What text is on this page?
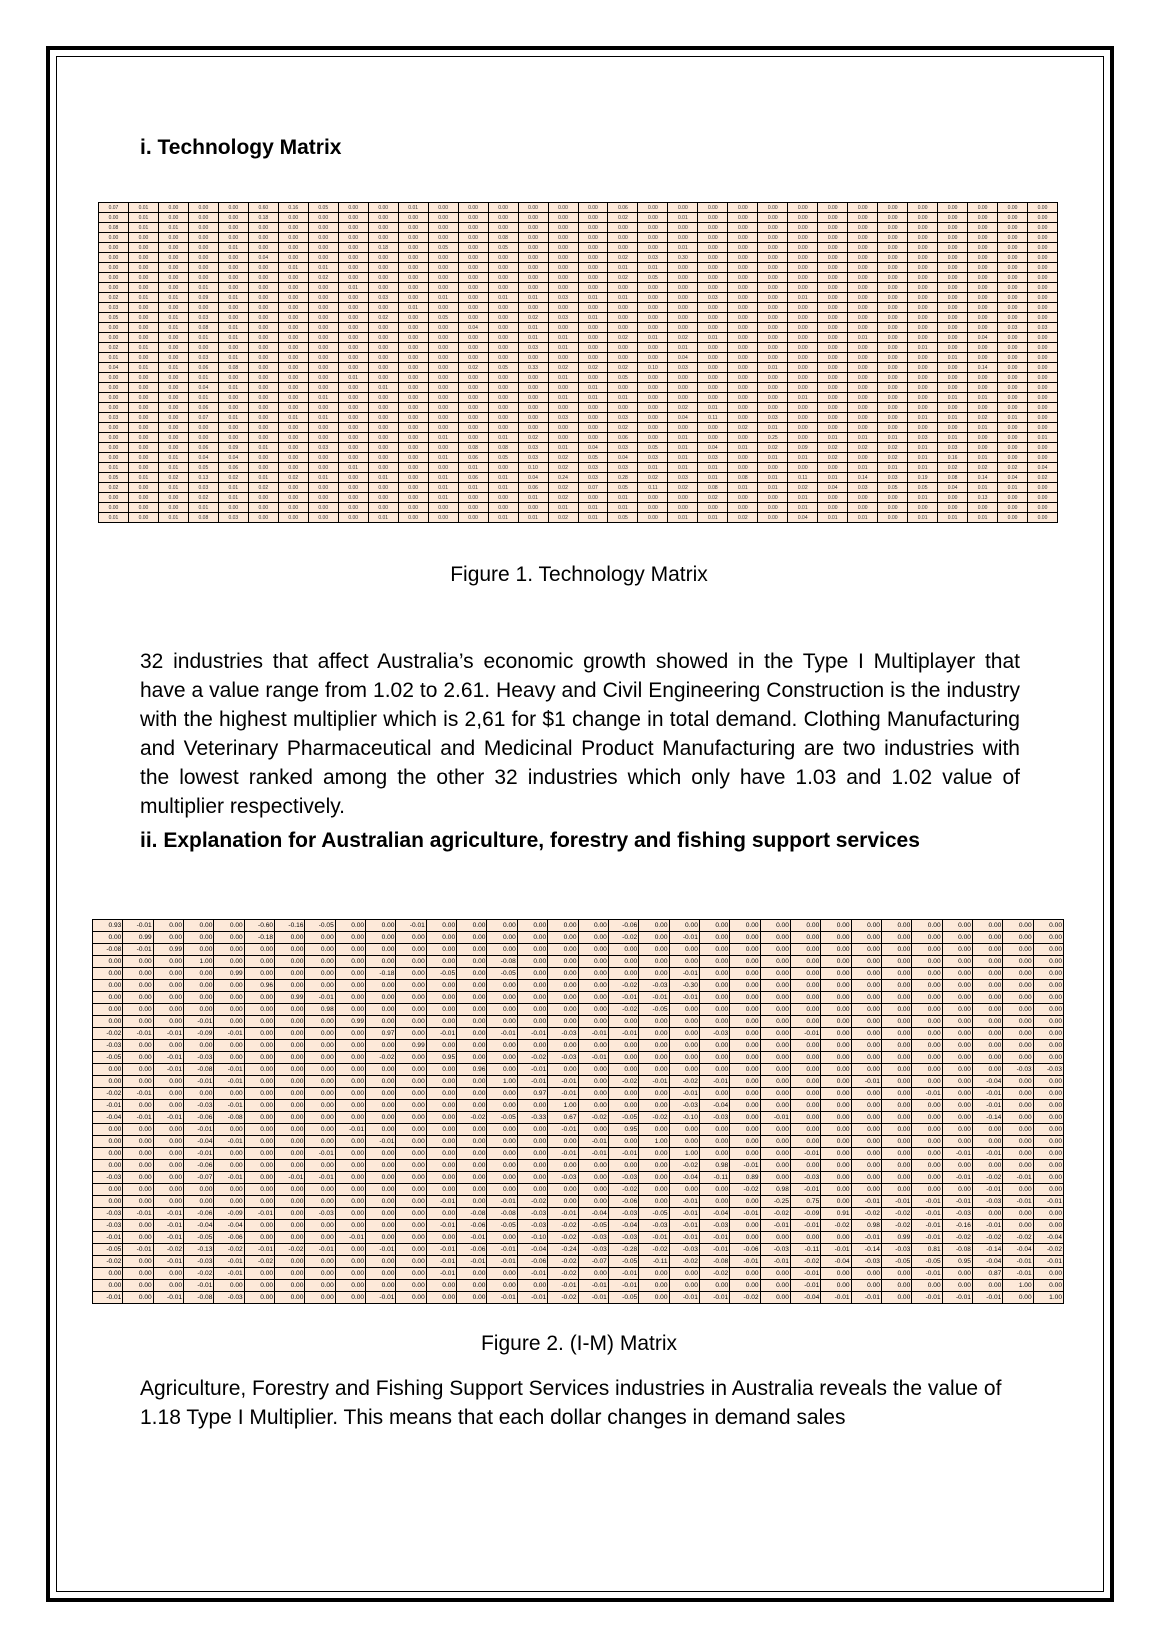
i. Technology Matrix
0.07	0.01	0.00	0.00	0.00	0.60	0.16	0.05	0.00	0.00	0.01	0.00	0.00	0.00	0.00	0.00	0.00	0.06	0.00	0.00	0.00	0.00	0.00	0.00	0.00	0.00	0.00	0.00	0.00	0.00	0.00	0.00
0.00	0.01	0.00	0.00	0.00	0.18	0.00	0.00	0.00	0.00	0.00	0.00	0.00	0.00	0.00	0.00	0.00	0.02	0.00	0.01	0.00	0.00	0.00	0.00	0.00	0.00	0.00	0.00	0.00	0.00	0.00	0.00
0.08	0.01	0.01	0.00	0.00	0.00	0.00	0.00	0.00	0.00	0.00	0.00	0.00	0.00	0.00	0.00	0.00	0.00	0.00	0.00	0.00	0.00	0.00	0.00	0.00	0.00	0.00	0.00	0.00	0.00	0.00	0.00
0.00	0.00	0.00	0.00	0.00	0.00	0.00	0.00	0.00	0.00	0.00	0.00	0.00	0.08	0.00	0.00	0.00	0.00	0.00	0.00	0.00	0.00	0.00	0.00	0.00	0.00	0.00	0.00	0.00	0.00	0.00	0.00
0.00	0.00	0.00	0.00	0.01	0.00	0.00	0.00	0.00	0.18	0.00	0.05	0.00	0.05	0.00	0.00	0.00	0.00	0.00	0.01	0.00	0.00	0.00	0.00	0.00	0.00	0.00	0.00	0.00	0.00	0.00	0.00
0.00	0.00	0.00	0.00	0.00	0.04	0.00	0.00	0.00	0.00	0.00	0.00	0.00	0.00	0.00	0.00	0.00	0.02	0.03	0.30	0.00	0.00	0.00	0.00	0.00	0.00	0.00	0.00	0.00	0.00	0.00	0.00
0.00	0.00	0.00	0.00	0.00	0.00	0.01	0.01	0.00	0.00	0.00	0.00	0.00	0.00	0.00	0.00	0.00	0.01	0.01	0.00	0.00	0.00	0.00	0.00	0.00	0.00	0.00	0.00	0.00	0.00	0.00	0.00
0.00	0.00	0.00	0.00	0.00	0.00	0.00	0.02	0.00	0.00	0.00	0.00	0.00	0.00	0.00	0.00	0.00	0.02	0.05	0.00	0.00	0.00	0.00	0.00	0.00	0.00	0.00	0.00	0.00	0.00	0.00	0.00
0.00	0.00	0.00	0.01	0.00	0.00	0.00	0.00	0.01	0.00	0.00	0.00	0.00	0.00	0.00	0.00	0.00	0.00	0.00	0.00	0.00	0.00	0.00	0.00	0.00	0.00	0.00	0.00	0.00	0.00	0.00	0.00
0.02	0.01	0.01	0.09	0.01	0.00	0.00	0.00	0.00	0.03	0.00	0.01	0.00	0.01	0.01	0.03	0.01	0.01	0.00	0.00	0.03	0.00	0.00	0.01	0.00	0.00	0.00	0.00	0.00	0.00	0.00	0.00
0.03	0.00	0.00	0.00	0.00	0.00	0.00	0.00	0.00	0.00	0.01	0.00	0.00	0.00	0.00	0.00	0.00	0.00	0.00	0.00	0.00	0.00	0.00	0.00	0.00	0.00	0.00	0.00	0.00	0.00	0.00	0.00
0.05	0.00	0.01	0.03	0.00	0.00	0.00	0.00	0.00	0.02	0.00	0.05	0.00	0.00	0.02	0.03	0.01	0.00	0.00	0.00	0.00	0.00	0.00	0.00	0.00	0.00	0.00	0.00	0.00	0.00	0.00	0.00
0.00	0.00	0.01	0.08	0.01	0.00	0.00	0.00	0.00	0.00	0.00	0.00	0.04	0.00	0.01	0.00	0.00	0.00	0.00	0.00	0.00	0.00	0.00	0.00	0.00	0.00	0.00	0.00	0.00	0.00	0.03	0.03
0.00	0.00	0.00	0.01	0.01	0.00	0.00	0.00	0.00	0.00	0.00	0.00	0.00	0.00	0.01	0.01	0.00	0.02	0.01	0.02	0.01	0.00	0.00	0.00	0.00	0.01	0.00	0.00	0.00	0.04	0.00	0.00
0.02	0.01	0.00	0.00	0.00	0.00	0.00	0.00	0.00	0.00	0.00	0.00	0.00	0.00	0.03	0.01	0.00	0.00	0.00	0.01	0.00	0.00	0.00	0.00	0.00	0.00	0.00	0.01	0.00	0.00	0.00	0.00
0.01	0.00	0.00	0.03	0.01	0.00	0.00	0.00	0.00	0.00	0.00	0.00	0.00	0.00	0.00	0.00	0.00	0.00	0.00	0.04	0.00	0.00	0.00	0.00	0.00	0.00	0.00	0.00	0.01	0.00	0.00	0.00
0.04	0.01	0.01	0.06	0.08	0.00	0.00	0.00	0.00	0.00	0.00	0.00	0.02	0.05	0.33	0.02	0.02	0.02	0.10	0.03	0.00	0.00	0.01	0.00	0.00	0.00	0.00	0.00	0.00	0.14	0.00	0.00
0.00	0.00	0.00	0.01	0.00	0.00	0.00	0.00	0.01	0.00	0.00	0.00	0.00	0.00	0.00	0.01	0.00	0.05	0.00	0.00	0.00	0.00	0.00	0.00	0.00	0.00	0.00	0.00	0.00	0.00	0.00	0.00
0.00	0.00	0.00	0.04	0.01	0.00	0.00	0.00	0.00	0.01	0.00	0.00	0.00	0.00	0.00	0.00	0.01	0.00	0.00	0.00	0.00	0.00	0.00	0.00	0.00	0.00	0.00	0.00	0.00	0.00	0.00	0.00
0.00	0.00	0.00	0.01	0.00	0.00	0.00	0.01	0.00	0.00	0.00	0.00	0.00	0.00	0.00	0.01	0.01	0.01	0.00	0.00	0.00	0.00	0.00	0.01	0.00	0.00	0.00	0.00	0.01	0.01	0.00	0.00
0.00	0.00	0.00	0.06	0.00	0.00	0.00	0.00	0.00	0.00	0.00	0.00	0.00	0.00	0.00	0.00	0.00	0.00	0.00	0.02	0.01	0.00	0.00	0.00	0.00	0.00	0.00	0.00	0.00	0.00	0.00	0.00
0.03	0.00	0.00	0.07	0.01	0.00	0.01	0.01	0.00	0.00	0.00	0.00	0.00	0.00	0.00	0.03	0.00	0.03	0.00	0.04	0.11	0.00	0.03	0.00	0.00	0.00	0.00	0.01	0.01	0.02	0.01	0.00
0.00	0.00	0.00	0.00	0.00	0.00	0.00	0.00	0.00	0.00	0.00	0.00	0.00	0.00	0.00	0.00	0.00	0.02	0.00	0.00	0.00	0.02	0.01	0.00	0.00	0.00	0.00	0.00	0.00	0.01	0.00	0.00
0.00	0.00	0.00	0.00	0.00	0.00	0.00	0.00	0.00	0.00	0.00	0.01	0.00	0.01	0.02	0.00	0.00	0.06	0.00	0.01	0.00	0.00	0.25	0.00	0.01	0.01	0.01	0.03	0.01	0.00	0.00	0.01
0.00	0.00	0.00	0.06	0.09	0.01	0.00	0.03	0.00	0.00	0.00	0.00	0.08	0.08	0.03	0.01	0.04	0.03	0.05	0.01	0.04	0.01	0.02	0.09	0.02	0.02	0.02	0.01	0.03	0.00	0.00	0.00
0.00	0.00	0.01	0.04	0.04	0.00	0.00	0.00	0.00	0.00	0.00	0.01	0.06	0.05	0.03	0.02	0.05	0.04	0.03	0.01	0.03	0.00	0.01	0.01	0.02	0.00	0.02	0.01	0.16	0.01	0.00	0.00
0.01	0.00	0.01	0.05	0.06	0.00	0.00	0.00	0.01	0.00	0.00	0.00	0.01	0.00	0.10	0.02	0.03	0.03	0.01	0.01	0.01	0.00	0.00	0.00	0.00	0.01	0.01	0.01	0.02	0.02	0.02	0.04
0.05	0.01	0.02	0.13	0.02	0.01	0.02	0.01	0.00	0.01	0.00	0.01	0.06	0.01	0.04	0.24	0.03	0.28	0.02	0.03	0.01	0.08	0.01	0.11	0.01	0.14	0.03	0.19	0.08	0.14	0.04	0.02
0.02	0.00	0.01	0.03	0.01	0.02	0.00	0.00	0.00	0.00	0.00	0.01	0.01	0.01	0.06	0.02	0.07	0.05	0.11	0.02	0.08	0.01	0.01	0.02	0.04	0.03	0.05	0.05	0.04	0.01	0.01	0.00
0.00	0.00	0.00	0.02	0.01	0.00	0.00	0.00	0.00	0.00	0.00	0.01	0.00	0.00	0.01	0.02	0.00	0.01	0.00	0.00	0.02	0.00	0.00	0.01	0.00	0.00	0.00	0.01	0.00	0.13	0.00	0.00
0.00	0.00	0.00	0.01	0.00	0.00	0.00	0.00	0.00	0.00	0.00	0.00	0.00	0.00	0.00	0.01	0.01	0.01	0.00	0.00	0.00	0.00	0.00	0.01	0.00	0.00	0.00	0.00	0.00	0.00	0.00	0.00
0.01	0.00	0.01	0.08	0.03	0.00	0.00	0.00	0.00	0.01	0.00	0.00	0.00	0.01	0.01	0.02	0.01	0.05	0.00	0.01	0.01	0.02	0.00	0.04	0.01	0.01	0.00	0.01	0.01	0.01	0.00	0.00
Figure 1. Technology Matrix

32 industries that affect Australia’s economic growth showed in the Type I Multiplayer that have a value range from 1.02 to 2.61. Heavy and Civil Engineering Construction is the industry with the highest multiplier which is 2,61 for $1 change in total demand. Clothing Manufacturing and Veterinary Pharmaceutical and Medicinal Product Manufacturing are two industries with the lowest ranked among the other 32 industries which only have 1.03 and 1.02 value of multiplier respectively.

ii. Explanation for Australian agriculture, forestry and fishing support services
0.93	-0.01	0.00	0.00	0.00	-0.60	-0.16	-0.05	0.00	0.00	-0.01	0.00	0.00	0.00	0.00	0.00	0.00	-0.06	0.00	0.00	0.00	0.00	0.00	0.00	0.00	0.00	0.00	0.00	0.00	0.00	0.00	0.00
0.00	0.99	0.00	0.00	0.00	-0.18	0.00	0.00	0.00	0.00	0.00	0.00	0.00	0.00	0.00	0.00	0.00	-0.02	0.00	-0.01	0.00	0.00	0.00	0.00	0.00	0.00	0.00	0.00	0.00	0.00	0.00	0.00
-0.08	-0.01	0.99	0.00	0.00	0.00	0.00	0.00	0.00	0.00	0.00	0.00	0.00	0.00	0.00	0.00	0.00	0.00	0.00	0.00	0.00	0.00	0.00	0.00	0.00	0.00	0.00	0.00	0.00	0.00	0.00	0.00
0.00	0.00	0.00	1.00	0.00	0.00	0.00	0.00	0.00	0.00	0.00	0.00	0.00	-0.08	0.00	0.00	0.00	0.00	0.00	0.00	0.00	0.00	0.00	0.00	0.00	0.00	0.00	0.00	0.00	0.00	0.00	0.00
0.00	0.00	0.00	0.00	0.99	0.00	0.00	0.00	0.00	-0.18	0.00	-0.05	0.00	-0.05	0.00	0.00	0.00	0.00	0.00	-0.01	0.00	0.00	0.00	0.00	0.00	0.00	0.00	0.00	0.00	0.00	0.00	0.00
0.00	0.00	0.00	0.00	0.00	0.96	0.00	0.00	0.00	0.00	0.00	0.00	0.00	0.00	0.00	0.00	0.00	-0.02	-0.03	-0.30	0.00	0.00	0.00	0.00	0.00	0.00	0.00	0.00	0.00	0.00	0.00	0.00
0.00	0.00	0.00	0.00	0.00	0.00	0.99	-0.01	0.00	0.00	0.00	0.00	0.00	0.00	0.00	0.00	0.00	-0.01	-0.01	-0.01	0.00	0.00	0.00	0.00	0.00	0.00	0.00	0.00	0.00	0.00	0.00	0.00
0.00	0.00	0.00	0.00	0.00	0.00	0.00	0.98	0.00	0.00	0.00	0.00	0.00	0.00	0.00	0.00	0.00	-0.02	-0.05	0.00	0.00	0.00	0.00	0.00	0.00	0.00	0.00	0.00	0.00	0.00	0.00	0.00
0.00	0.00	0.00	-0.01	0.00	0.00	0.00	0.00	0.99	0.00	0.00	0.00	0.00	0.00	0.00	0.00	0.00	0.00	0.00	0.00	0.00	0.00	0.00	0.00	0.00	0.00	0.00	0.00	0.00	0.00	0.00	0.00
-0.02	-0.01	-0.01	-0.09	-0.01	0.00	0.00	0.00	0.00	0.97	0.00	-0.01	0.00	-0.01	-0.01	-0.03	-0.01	-0.01	0.00	0.00	-0.03	0.00	0.00	-0.01	0.00	0.00	0.00	0.00	0.00	0.00	0.00	0.00
-0.03	0.00	0.00	0.00	0.00	0.00	0.00	0.00	0.00	0.00	0.99	0.00	0.00	0.00	0.00	0.00	0.00	0.00	0.00	0.00	0.00	0.00	0.00	0.00	0.00	0.00	0.00	0.00	0.00	0.00	0.00	0.00
-0.05	0.00	-0.01	-0.03	0.00	0.00	0.00	0.00	0.00	-0.02	0.00	0.95	0.00	0.00	-0.02	-0.03	-0.01	0.00	0.00	0.00	0.00	0.00	0.00	0.00	0.00	0.00	0.00	0.00	0.00	0.00	0.00	0.00
0.00	0.00	-0.01	-0.08	-0.01	0.00	0.00	0.00	0.00	0.00	0.00	0.00	0.96	0.00	-0.01	0.00	0.00	0.00	0.00	0.00	0.00	0.00	0.00	0.00	0.00	0.00	0.00	0.00	0.00	0.00	-0.03	-0.03
0.00	0.00	0.00	-0.01	-0.01	0.00	0.00	0.00	0.00	0.00	0.00	0.00	0.00	1.00	-0.01	-0.01	0.00	-0.02	-0.01	-0.02	-0.01	0.00	0.00	0.00	0.00	-0.01	0.00	0.00	0.00	-0.04	0.00	0.00
-0.02	-0.01	0.00	0.00	0.00	0.00	0.00	0.00	0.00	0.00	0.00	0.00	0.00	0.00	0.97	-0.01	0.00	0.00	0.00	-0.01	0.00	0.00	0.00	0.00	0.00	0.00	0.00	-0.01	0.00	-0.01	0.00	0.00
-0.01	0.00	0.00	-0.03	-0.01	0.00	0.00	0.00	0.00	0.00	0.00	0.00	0.00	0.00	0.00	1.00	0.00	0.00	0.00	-0.03	-0.04	0.00	0.00	0.00	0.00	0.00	0.00	0.00	0.00	-0.01	0.00	0.00
-0.04	-0.01	-0.01	-0.06	-0.08	0.00	0.00	0.00	0.00	0.00	0.00	0.00	-0.02	-0.05	-0.33	0.67	-0.02	-0.05	-0.02	-0.10	-0.03	0.00	-0.01	0.00	0.00	0.00	0.00	0.00	0.00	-0.14	0.00	0.00
0.00	0.00	0.00	-0.01	0.00	0.00	0.00	0.00	-0.01	0.00	0.00	0.00	0.00	0.00	0.00	-0.01	0.00	0.95	0.00	0.00	0.00	0.00	0.00	0.00	0.00	0.00	0.00	0.00	0.00	0.00	0.00	0.00
0.00	0.00	0.00	-0.04	-0.01	0.00	0.00	0.00	0.00	-0.01	0.00	0.00	0.00	0.00	0.00	0.00	-0.01	0.00	1.00	0.00	0.00	0.00	0.00	0.00	0.00	0.00	0.00	0.00	0.00	0.00	0.00	0.00
0.00	0.00	0.00	-0.01	0.00	0.00	0.00	-0.01	0.00	0.00	0.00	0.00	0.00	0.00	0.00	-0.01	-0.01	-0.01	0.00	1.00	0.00	0.00	0.00	-0.01	0.00	0.00	0.00	0.00	-0.01	-0.01	0.00	0.00
0.00	0.00	0.00	-0.06	0.00	0.00	0.00	0.00	0.00	0.00	0.00	0.00	0.00	0.00	0.00	0.00	0.00	0.00	0.00	-0.02	0.98	-0.01	0.00	0.00	0.00	0.00	0.00	0.00	0.00	0.00	0.00	0.00
-0.03	0.00	0.00	-0.07	-0.01	0.00	-0.01	-0.01	0.00	0.00	0.00	0.00	0.00	0.00	0.00	-0.03	0.00	-0.03	0.00	-0.04	-0.11	0.89	0.00	-0.03	0.00	0.00	0.00	0.00	-0.01	-0.02	-0.01	0.00
0.00	0.00	0.00	0.00	0.00	0.00	0.00	0.00	0.00	0.00	0.00	0.00	0.00	0.00	0.00	0.00	0.00	-0.02	0.00	0.00	0.00	-0.02	0.98	-0.01	0.00	0.00	0.00	0.00	0.00	-0.01	0.00	0.00
0.00	0.00	0.00	0.00	0.00	0.00	0.00	0.00	0.00	0.00	0.00	-0.01	0.00	-0.01	-0.02	0.00	0.00	-0.06	0.00	-0.01	0.00	0.00	-0.25	0.75	0.00	-0.01	-0.01	-0.01	-0.01	-0.03	-0.01	-0.01
-0.03	-0.01	-0.01	-0.06	-0.09	-0.01	0.00	-0.03	0.00	0.00	0.00	0.00	-0.08	-0.08	-0.03	-0.01	-0.04	-0.03	-0.05	-0.01	-0.04	-0.01	-0.02	-0.09	0.91	-0.02	-0.02	-0.01	-0.03	0.00	0.00	0.00
-0.03	0.00	-0.01	-0.04	-0.04	0.00	0.00	0.00	0.00	0.00	0.00	-0.01	-0.06	-0.05	-0.03	-0.02	-0.05	-0.04	-0.03	-0.01	-0.03	0.00	-0.01	-0.01	-0.02	0.98	-0.02	-0.01	-0.16	-0.01	0.00	0.00
-0.01	0.00	-0.01	-0.05	-0.06	0.00	0.00	0.00	-0.01	0.00	0.00	0.00	-0.01	0.00	-0.10	-0.02	-0.03	-0.03	-0.01	-0.01	-0.01	0.00	0.00	0.00	0.00	-0.01	0.99	-0.01	-0.02	-0.02	-0.02	-0.04
-0.05	-0.01	-0.02	-0.13	-0.02	-0.01	-0.02	-0.01	0.00	-0.01	0.00	-0.01	-0.06	-0.01	-0.04	-0.24	-0.03	-0.28	-0.02	-0.03	-0.01	-0.06	-0.03	-0.11	-0.01	-0.14	-0.03	0.81	-0.08	-0.14	-0.04	-0.02
-0.02	0.00	-0.01	-0.03	-0.01	-0.02	0.00	0.00	0.00	0.00	0.00	-0.01	-0.01	-0.01	-0.06	-0.02	-0.07	-0.05	-0.11	-0.02	-0.08	-0.01	-0.01	-0.02	-0.04	-0.03	-0.05	-0.05	0.95	-0.04	-0.01	-0.01
0.00	0.00	0.00	-0.02	-0.01	0.00	0.00	0.00	0.00	0.00	0.00	-0.01	0.00	0.00	-0.01	-0.02	0.00	-0.01	0.00	0.00	-0.02	0.00	0.00	-0.01	0.00	0.00	0.00	-0.01	0.00	0.87	-0.01	0.00
0.00	0.00	0.00	-0.01	0.00	0.00	0.00	0.00	0.00	0.00	0.00	0.00	0.00	0.00	0.00	-0.01	-0.01	-0.01	0.00	0.00	0.00	0.00	0.00	-0.01	0.00	0.00	0.00	0.00	0.00	0.00	1.00	0.00
-0.01	0.00	-0.01	-0.08	-0.03	0.00	0.00	0.00	0.00	-0.01	0.00	0.00	0.00	-0.01	-0.01	-0.02	-0.01	-0.05	0.00	-0.01	-0.01	-0.02	0.00	-0.04	-0.01	-0.01	0.00	-0.01	-0.01	-0.01	0.00	1.00
Figure 2. (I-M) Matrix

Agriculture, Forestry and Fishing Support Services industries in Australia reveals the value of 1.18 Type I Multiplier. This means that each dollar changes in demand sales
